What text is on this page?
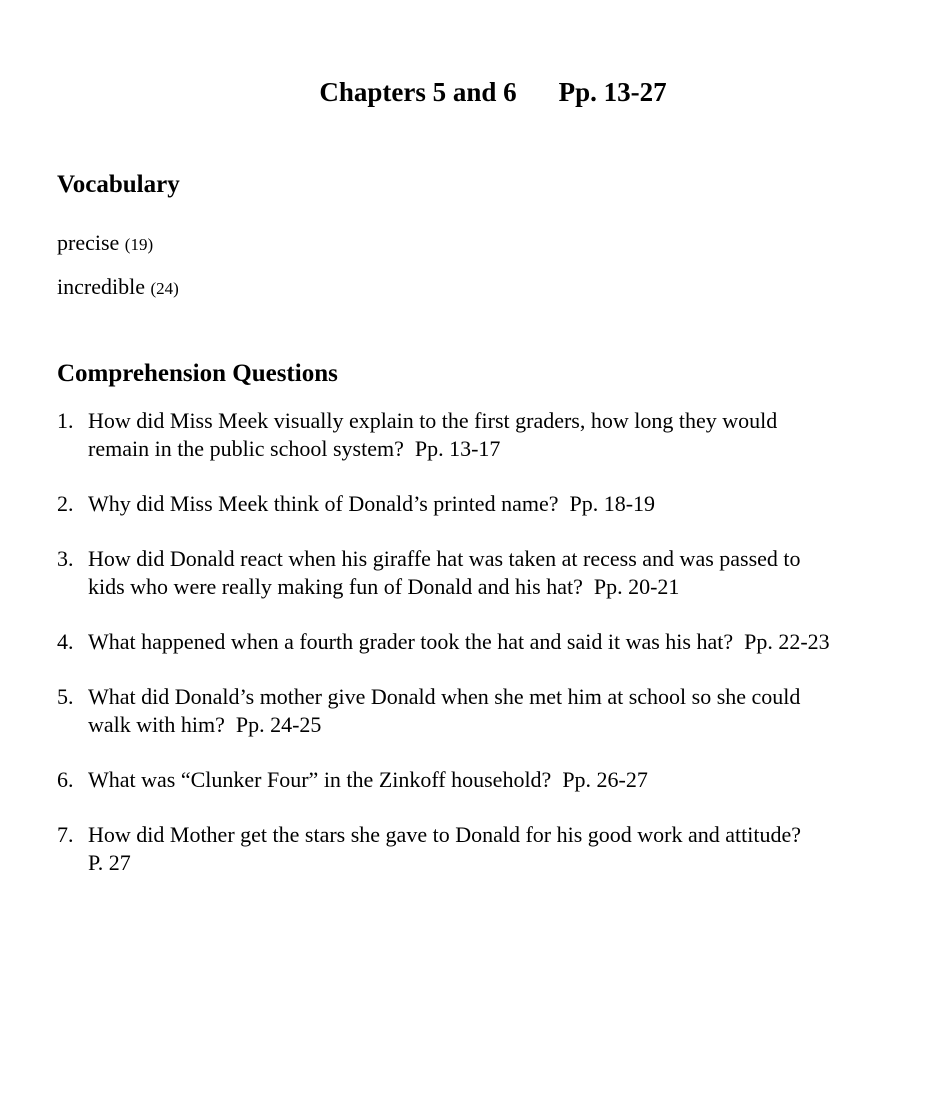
Chapters 5 and 6 Pp. 13-27

Vocabulary
precise (19)
incredible (24)
Comprehension Questions
1. How did Miss Meek visually explain to the first graders, how long they would
remain in the public school system?  Pp. 13-17
2. Why did Miss Meek think of Donald’s printed name?  Pp. 18-19
3. How did Donald react when his giraffe hat was taken at recess and was passed to
kids who were really making fun of Donald and his hat?  Pp. 20-21
4. What happened when a fourth grader took the hat and said it was his hat?  Pp. 22-23
5. What did Donald’s mother give Donald when she met him at school so she could
walk with him?  Pp. 24-25
6. What was “Clunker Four” in the Zinkoff household?  Pp. 26-27
7. How did Mother get the stars she gave to Donald for his good work and attitude?
P. 27
